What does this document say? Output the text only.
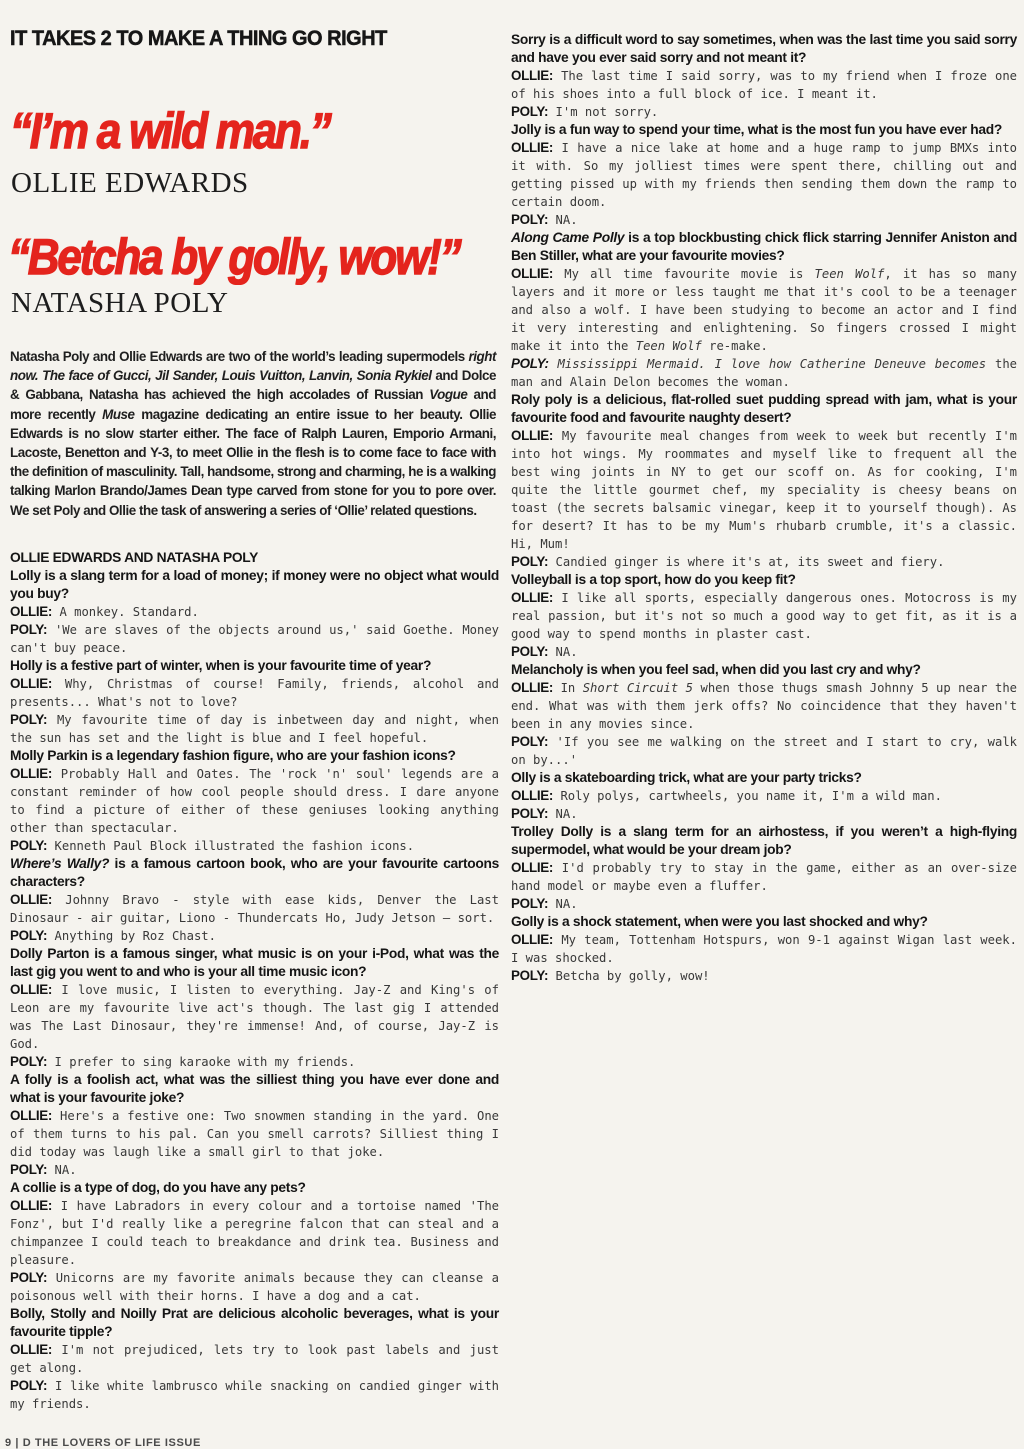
IT TAKES 2 TO MAKE A THING GO RIGHT
“I’m a wild man.”
OLLIE EDWARDS
“Betcha by golly, wow!”
NATASHA POLY
Natasha Poly and Ollie Edwards are two of the world’s leading supermodels right now. The face of Gucci, Jil Sander, Louis Vuitton, Lanvin, Sonia Rykiel and Dolce & Gabbana, Natasha has achieved the high accolades of Russian Vogue and more recently Muse magazine dedicating an entire issue to her beauty. Ollie Edwards is no slow starter either. The face of Ralph Lauren, Emporio Armani, Lacoste, Benetton and Y-3, to meet Ollie in the flesh is to come face to face with the definition of masculinity. Tall, handsome, strong and charming, he is a walking talking Marlon Brando/James Dean type carved from stone for you to pore over. We set Poly and Ollie the task of answering a series of ‘Ollie’ related questions.
OLLIE EDWARDS AND NATASHA POLY
Lolly is a slang term for a load of money; if money were no object what would you buy?
OLLIE: A monkey. Standard.
POLY: 'We are slaves of the objects around us,' said Goethe. Money can't buy peace.
Holly is a festive part of winter, when is your favourite time of year?
OLLIE: Why, Christmas of course! Family, friends, alcohol and presents... What's not to love?
POLY: My favourite time of day is inbetween day and night, when the sun has set and the light is blue and I feel hopeful.
Molly Parkin is a legendary fashion figure, who are your fashion icons?
OLLIE: Probably Hall and Oates. The 'rock 'n' soul' legends are a constant reminder of how cool people should dress. I dare anyone to find a picture of either of these geniuses looking anything other than spectacular.
POLY: Kenneth Paul Block illustrated the fashion icons.
Where’s Wally? is a famous cartoon book, who are your favourite cartoons characters?
OLLIE: Johnny Bravo - style with ease kids, Denver the Last Dinosaur - air guitar, Liono - Thundercats Ho, Judy Jetson — sort.
POLY: Anything by Roz Chast.
Dolly Parton is a famous singer, what music is on your i-Pod, what was the last gig you went to and who is your all time music icon?
OLLIE: I love music, I listen to everything. Jay-Z and King's of Leon are my favourite live act's though. The last gig I attended was The Last Dinosaur, they're immense! And, of course, Jay-Z is God.
POLY: I prefer to sing karaoke with my friends.
A folly is a foolish act, what was the silliest thing you have ever done and what is your favourite joke?
OLLIE: Here's a festive one: Two snowmen standing in the yard. One of them turns to his pal. Can you smell carrots? Silliest thing I did today was laugh like a small girl to that joke.
POLY: NA.
A collie is a type of dog, do you have any pets?
OLLIE: I have Labradors in every colour and a tortoise named 'The Fonz', but I'd really like a peregrine falcon that can steal and a chimpanzee I could teach to breakdance and drink tea. Business and pleasure.
POLY: Unicorns are my favorite animals because they can cleanse a poisonous well with their horns. I have a dog and a cat.
Bolly, Stolly and Noilly Prat are delicious alcoholic beverages, what is your favourite tipple?
OLLIE: I'm not prejudiced, lets try to look past labels and just get along.
POLY: I like white lambrusco while snacking on candied ginger with my friends.
Sorry is a difficult word to say sometimes, when was the last time you said sorry and have you ever said sorry and not meant it?
OLLIE: The last time I said sorry, was to my friend when I froze one of his shoes into a full block of ice. I meant it.
POLY: I'm not sorry.
Jolly is a fun way to spend your time, what is the most fun you have ever had?
OLLIE: I have a nice lake at home and a huge ramp to jump BMXs into it with. So my jolliest times were spent there, chilling out and getting pissed up with my friends then sending them down the ramp to certain doom.
POLY: NA.
Along Came Polly is a top blockbusting chick flick starring Jennifer Aniston and Ben Stiller, what are your favourite movies?
OLLIE: My all time favourite movie is Teen Wolf, it has so many layers and it more or less taught me that it's cool to be a teenager and also a wolf. I have been studying to become an actor and I find it very interesting and enlightening. So fingers crossed I might make it into the Teen Wolf re-make.
POLY: Mississippi Mermaid. I love how Catherine Deneuve becomes the man and Alain Delon becomes the woman.
Roly poly is a delicious, flat-rolled suet pudding spread with jam, what is your favourite food and favourite naughty desert?
OLLIE: My favourite meal changes from week to week but recently I'm into hot wings. My roommates and myself like to frequent all the best wing joints in NY to get our scoff on. As for cooking, I'm quite the little gourmet chef, my speciality is cheesy beans on toast (the secrets balsamic vinegar, keep it to yourself though). As for desert? It has to be my Mum's rhubarb crumble, it's a classic. Hi, Mum!
POLY: Candied ginger is where it's at, its sweet and fiery.
Volleyball is a top sport, how do you keep fit?
OLLIE: I like all sports, especially dangerous ones. Motocross is my real passion, but it's not so much a good way to get fit, as it is a good way to spend months in plaster cast.
POLY: NA.
Melancholy is when you feel sad, when did you last cry and why?
OLLIE: In Short Circuit 5 when those thugs smash Johnny 5 up near the end. What was with them jerk offs? No coincidence that they haven't been in any movies since.
POLY: 'If you see me walking on the street and I start to cry, walk on by...'
Olly is a skateboarding trick, what are your party tricks?
OLLIE: Roly polys, cartwheels, you name it, I'm a wild man.
POLY: NA.
Trolley Dolly is a slang term for an airhostess, if you weren’t a high-flying supermodel, what would be your dream job?
OLLIE: I'd probably try to stay in the game, either as an over-size hand model or maybe even a fluffer.
POLY: NA.
Golly is a shock statement, when were you last shocked and why?
OLLIE: My team, Tottenham Hotspurs, won 9-1 against Wigan last week. I was shocked.
POLY: Betcha by golly, wow!
9 | D THE LOVERS OF LIFE ISSUE
